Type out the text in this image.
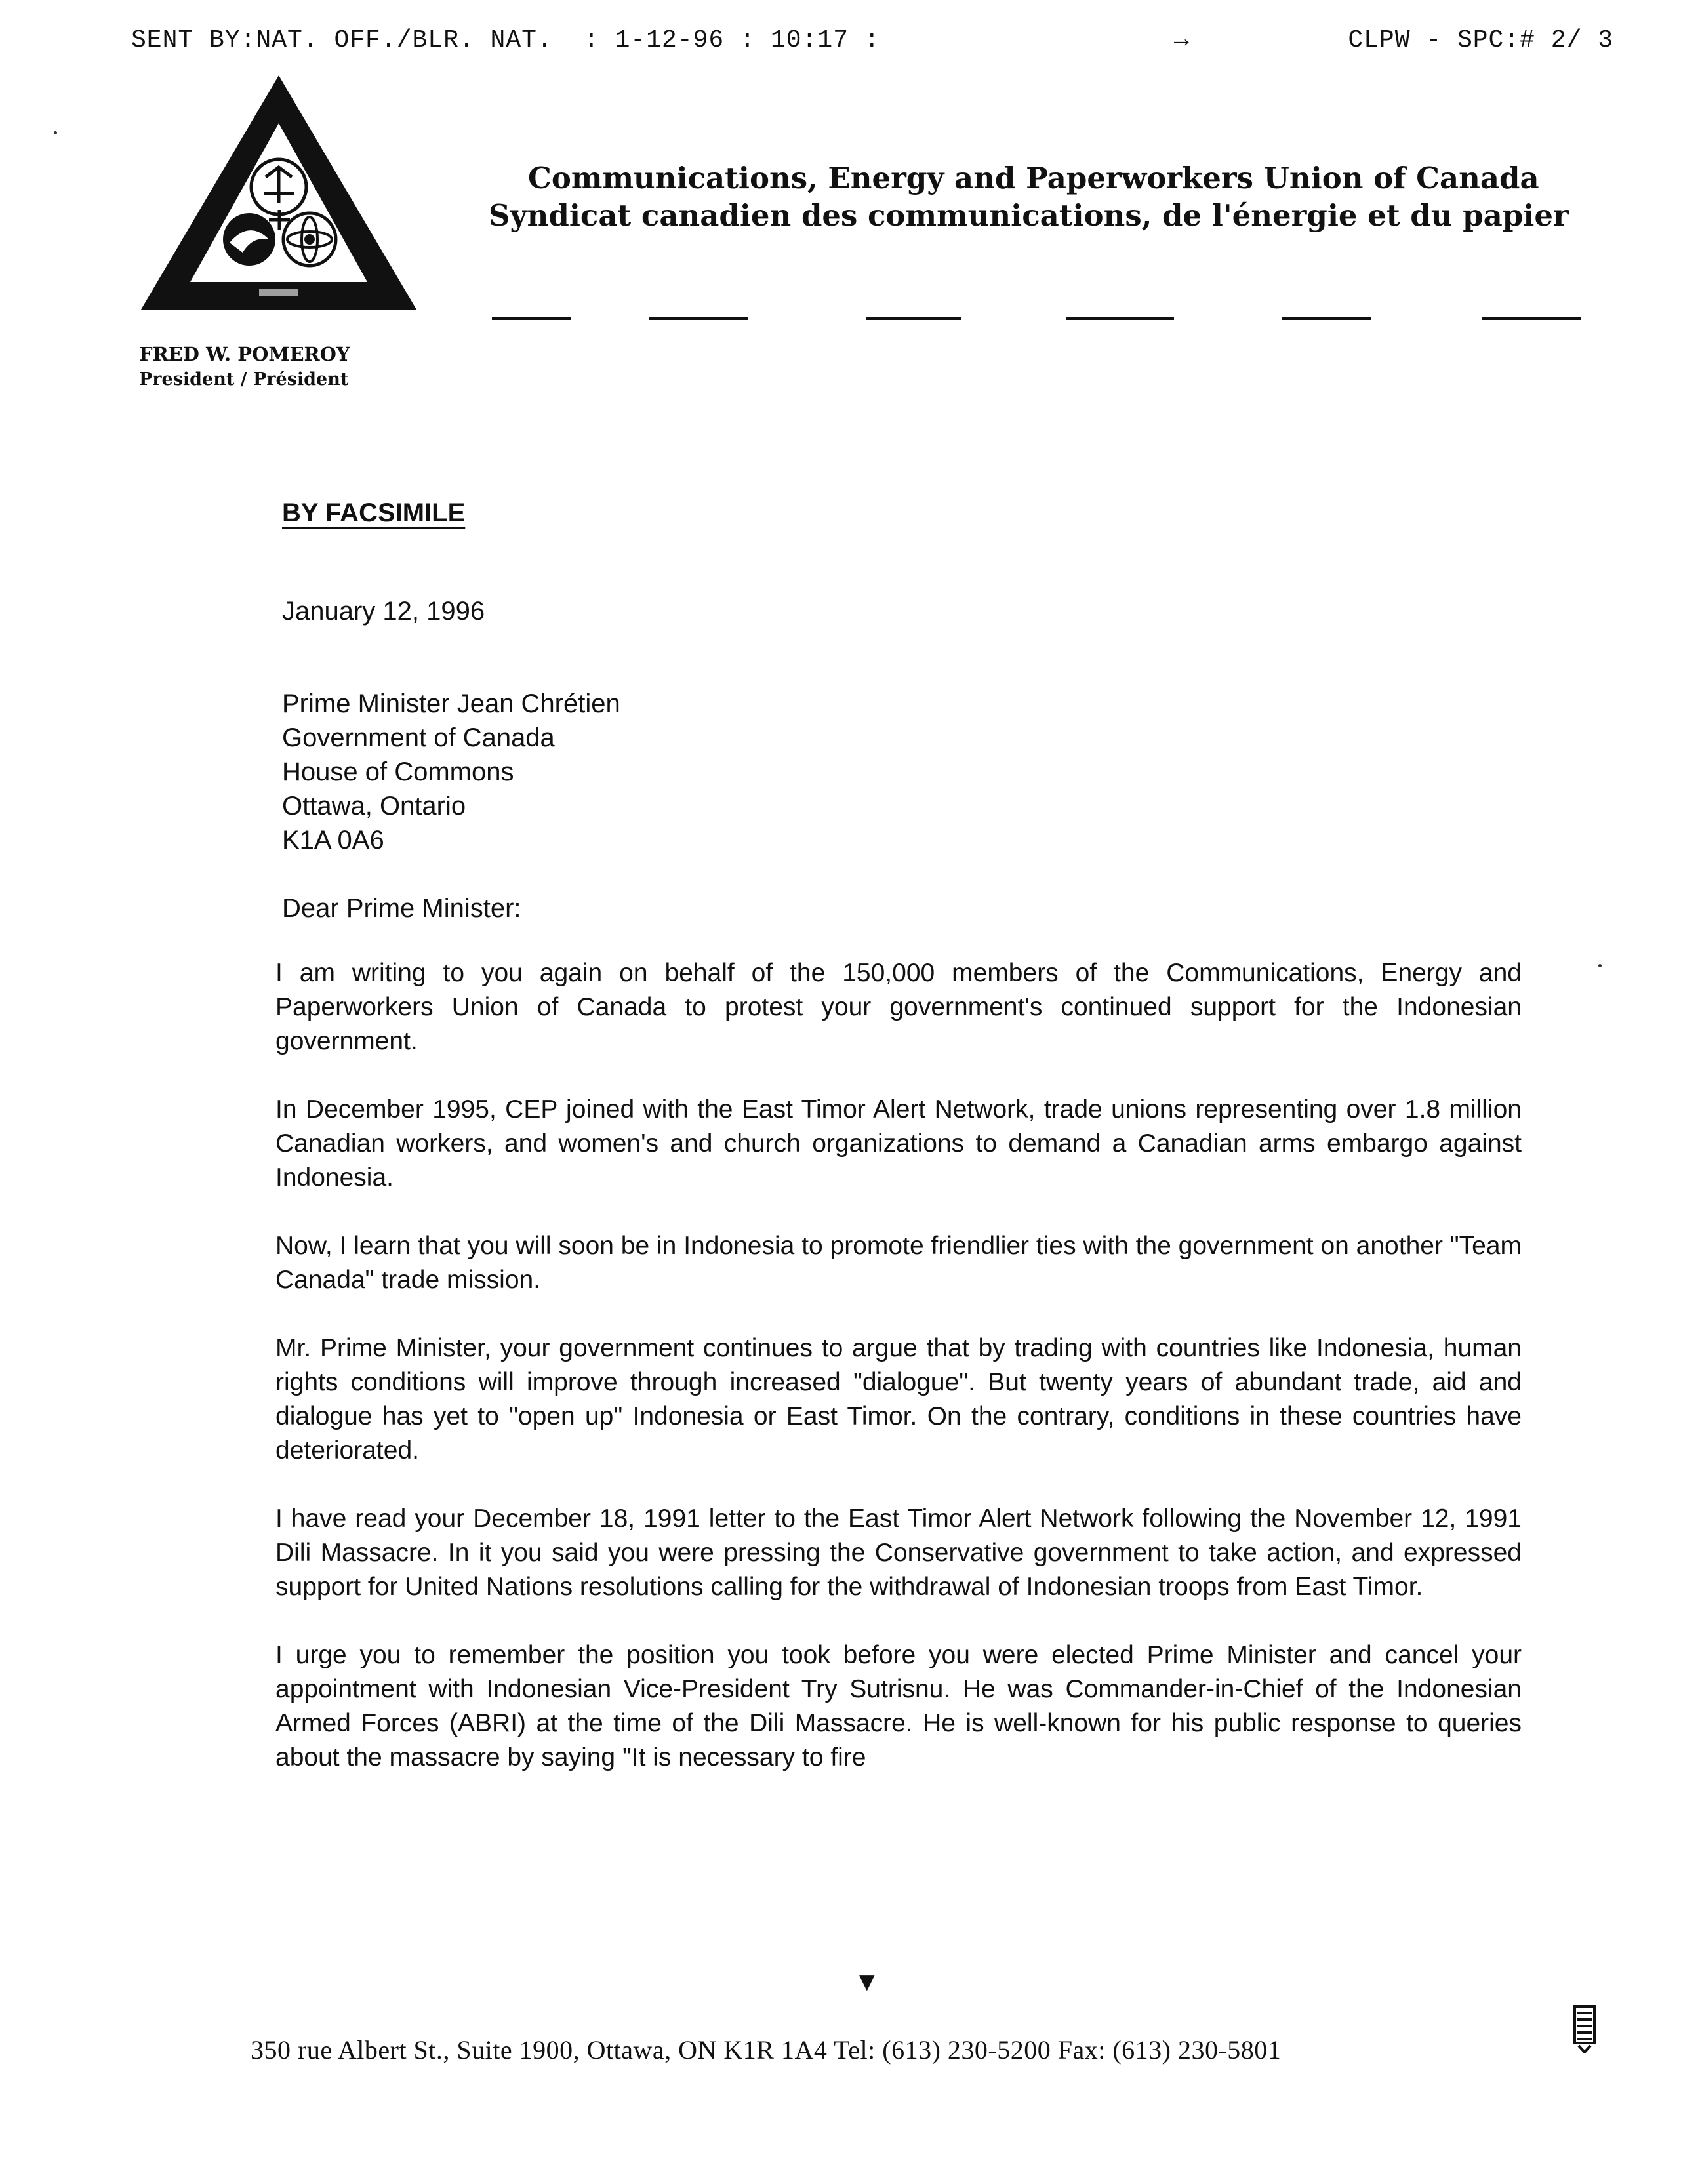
SENT BY:NAT. OFF./BLR. NAT. : 1-12-96 : 10:17 :	→	CLPW - SPC:# 2/ 3
Communications, Energy and Paperworkers Union of Canada
Syndicat canadien des communications, de l'énergie et du papier
FRED W. POMEROY
President / Président
BY FACSIMILE
January 12, 1996
Prime Minister Jean Chrétien
Government of Canada
House of Commons
Ottawa, Ontario
K1A 0A6
Dear Prime Minister:

I am writing to you again on behalf of the 150,000 members of the Communications, Energy and Paperworkers Union of Canada to protest your government's continued support for the Indonesian government.

In December 1995, CEP joined with the East Timor Alert Network, trade unions representing over 1.8 million Canadian workers, and women's and church organizations to demand a Canadian arms embargo against Indonesia.

Now, I learn that you will soon be in Indonesia to promote friendlier ties with the government on another "Team Canada" trade mission.

Mr. Prime Minister, your government continues to argue that by trading with countries like Indonesia, human rights conditions will improve through increased "dialogue". But twenty years of abundant trade, aid and dialogue has yet to "open up" Indonesia or East Timor. On the contrary, conditions in these countries have deteriorated.

I have read your December 18, 1991 letter to the East Timor Alert Network following the November 12, 1991 Dili Massacre. In it you said you were pressing the Conservative government to take action, and expressed support for United Nations resolutions calling for the withdrawal of Indonesian troops from East Timor.

I urge you to remember the position you took before you were elected Prime Minister and cancel your appointment with Indonesian Vice-President Try Sutrisnu. He was Commander-in-Chief of the Indonesian Armed Forces (ABRI) at the time of the Dili Massacre. He is well-known for his public response to queries about the massacre by saying "It is necessary to fire

▼
350 rue Albert St., Suite 1900, Ottawa, ON K1R 1A4 Tel: (613) 230-5200 Fax: (613) 230-5801
